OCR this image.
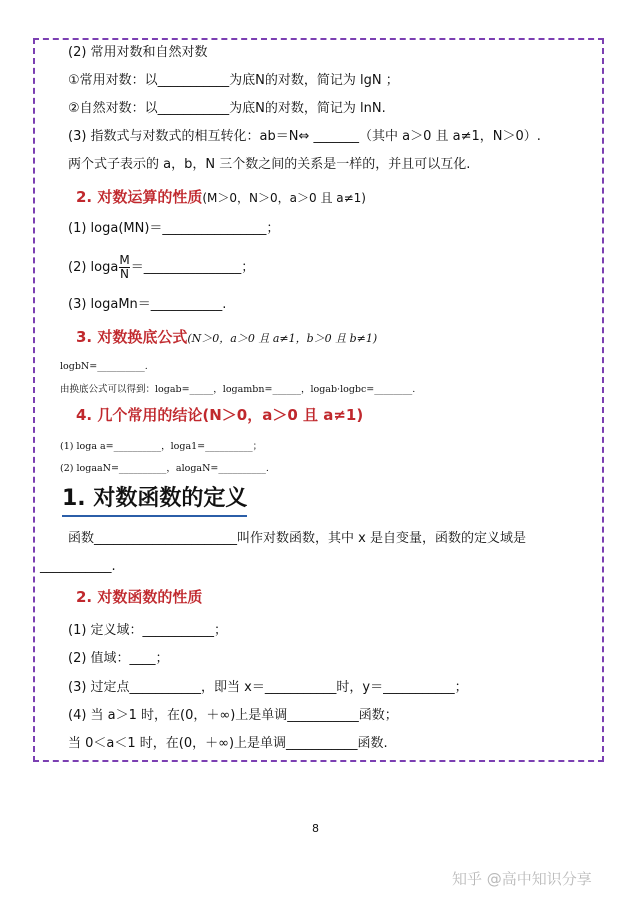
(2) 常用对数和自然对数
①常用对数：以___________为底N的对数，简记为 lgN ；
②自然对数：以___________为底N的对数，简记为 lnN.
(3) 指数式与对数式的相互转化：ab＝N⇔ _______（其中 a＞0 且 a≠1，N＞0）.
两个式子表示的 a，b，N 三个数之间的关系是一样的，并且可以互化.
2. 对数运算的性质(M＞0，N＞0，a＞0 且 a≠1)
(1) loga(MN)＝________________；
(2) loga $\frac{M}{N}$ ＝_______________；
(3) logaMn＝___________.
3. 对数换底公式(N＞0，a＞0 且 a≠1，b＞0 且 b≠1)
logbN=__________.
由换底公式可以得到：logab=_____，logambn=______，logab·logbc=________.
4. 几个常用的结论(N＞0，a＞0 且 a≠1)
(1) loga a=__________，loga1=__________；
(2) logaaN=__________，alogaN=__________.
1. 对数函数的定义
函数______________________叫作对数函数，其中 x 是自变量，函数的定义域是
___________.
2. 对数函数的性质
(1) 定义域：___________；
(2) 值域：____；
(3) 过定点___________，即当 x＝___________时，y＝___________；
(4) 当 a＞1 时，在(0，＋∞)上是单调___________函数；
当 0＜a＜1 时，在(0，＋∞)上是单调___________函数.
8
知乎 @高中知识分享
